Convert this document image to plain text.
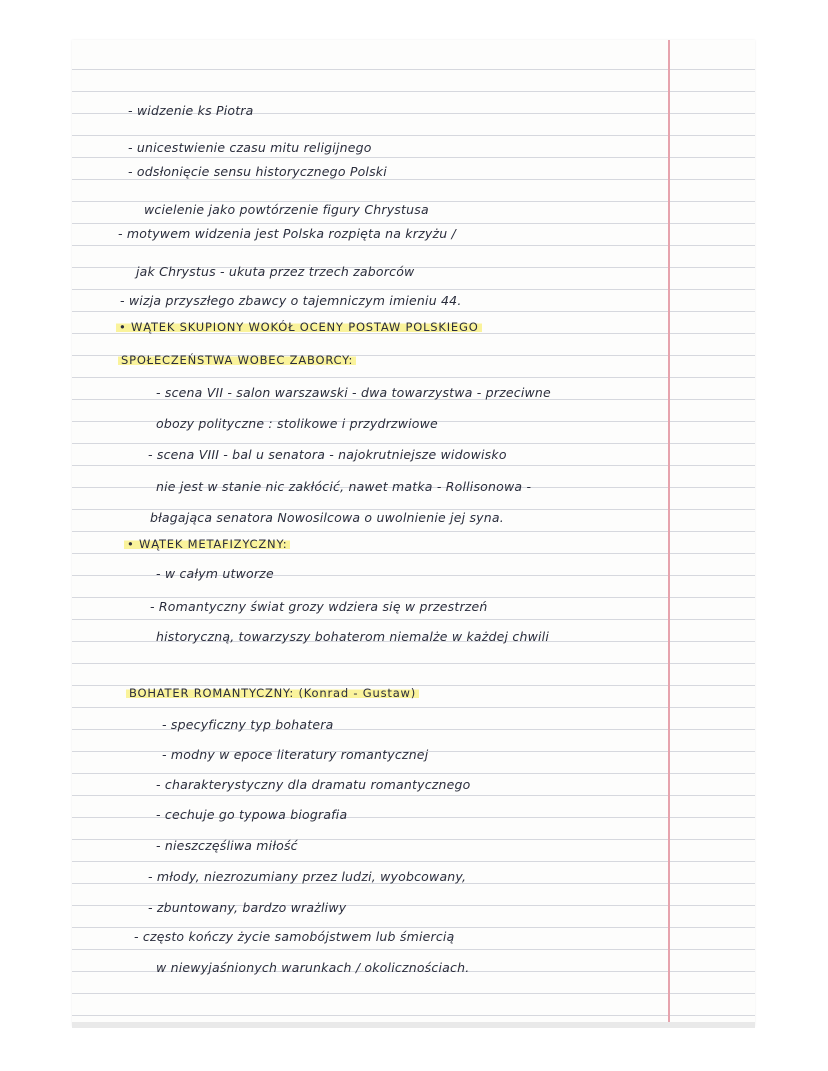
- widzenie ks Piotra
- unicestwienie czasu mitu religijnego
- odsłonięcie sensu historycznego Polski
wcielenie jako powtórzenie figury Chrystusa
- motywem widzenia jest Polska rozpięta na krzyżu /
jak Chrystus - ukuta przez trzech zaborców
- wizja przyszłego zbawcy o tajemniczym imieniu 44.
• WĄTEK SKUPIONY WOKÓŁ OCENY POSTAW POLSKIEGO
SPOŁECZEŃSTWA WOBEC ZABORCY:
- scena VII - salon warszawski - dwa towarzystwa - przeciwne
obozy polityczne : stolikowe i przydrzwiowe
- scena VIII - bal u senatora - najokrutniejsze widowisko
nie jest w stanie nic zakłócić, nawet matka - Rollisonowa -
błagająca senatora Nowosilcowa o uwolnienie jej syna.
• WĄTEK METAFIZYCZNY:
- w całym utworze
- Romantyczny świat grozy wdziera się w przestrzeń
historyczną, towarzyszy bohaterom niemalże w każdej chwili
BOHATER ROMANTYCZNY: (Konrad - Gustaw)
- specyficzny typ bohatera
- modny w epoce literatury romantycznej
- charakterystyczny dla dramatu romantycznego
- cechuje go typowa biografia
- nieszczęśliwa miłość
- młody, niezrozumiany przez ludzi, wyobcowany,
- zbuntowany, bardzo wrażliwy
- często kończy życie samobójstwem lub śmiercią
w niewyjaśnionych warunkach / okolicznościach.
